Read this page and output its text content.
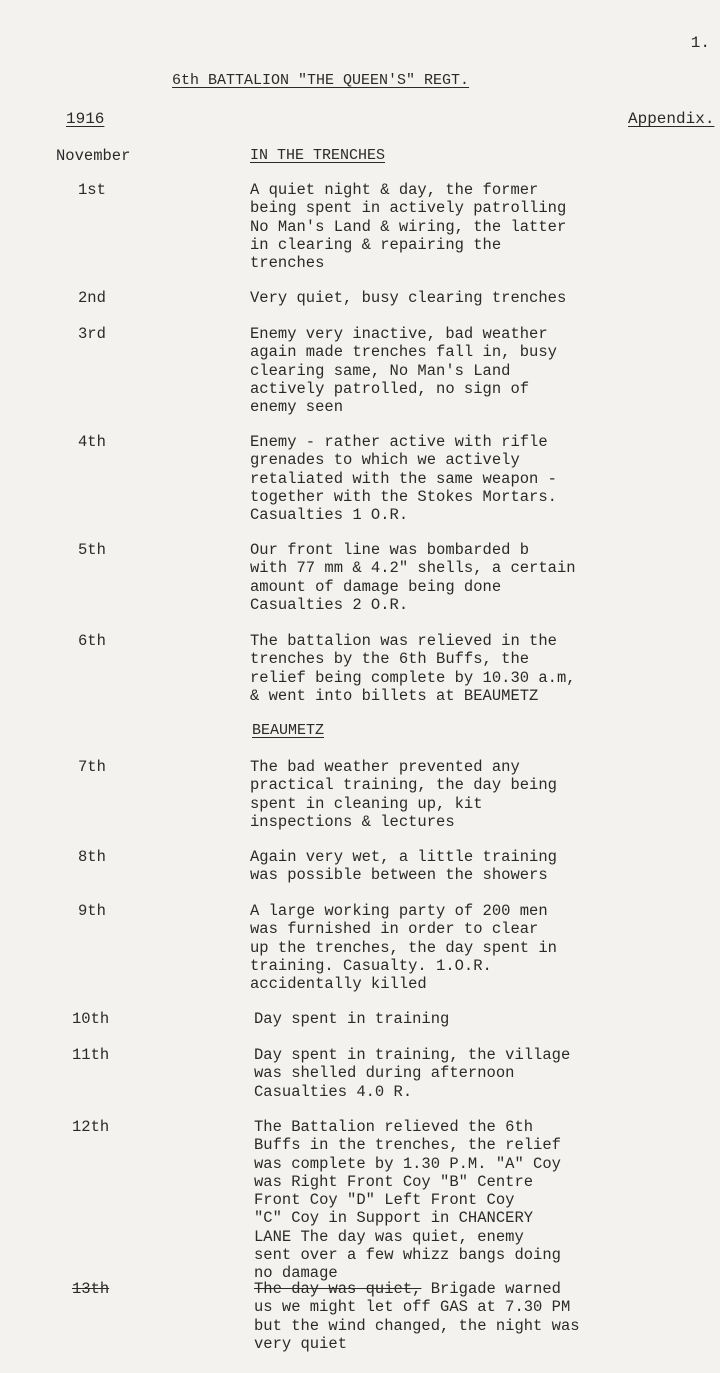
1.
6th BATTALION "THE QUEEN'S" REGT.
1916	Appendix.
November	IN THE TRENCHES
1st	A quiet night & day, the former
being spent in actively patrolling
No Man's Land & wiring, the latter
in clearing & repairing the
trenches
2nd	Very quiet, busy clearing trenches
3rd	Enemy very inactive, bad weather
again made trenches fall in, busy
clearing same, No Man's Land
actively patrolled, no sign of
enemy seen
4th	Enemy - rather active with rifle
grenades to which we actively
retaliated with the same weapon -
together with the Stokes Mortars.
Casualties 1 O.R.
5th	Our front line was bombarded b
with 77 mm & 4.2" shells, a certain
amount of damage being done
Casualties 2 O.R.
6th	The battalion was relieved in the
trenches by the 6th Buffs, the
relief being complete by 10.30 a.m,
& went into billets at BEAUMETZ
BEAUMETZ
7th	The bad weather prevented any
practical training, the day being
spent in cleaning up, kit
inspections & lectures
8th	Again very wet, a little training
was possible between the showers
9th	A large working party of 200 men
was furnished in order to clear
up the trenches, the day spent in
training. Casualty. 1.O.R.
accidentally killed
10th	Day spent in training
11th	Day spent in training, the village
was shelled during afternoon
Casualties 4.0 R.
12th	The Battalion relieved the 6th
Buffs in the trenches, the relief
was complete by 1.30 P.M. "A" Coy
was Right Front Coy "B" Centre
Front Coy "D" Left Front Coy
"C" Coy in Support in CHANCERY
LANE The day was quiet, enemy
sent over a few whizz bangs doing
no damage
13th	The day was quiet, Brigade warned
us we might let off GAS at 7.30 PM
but the wind changed, the night was
very quiet
